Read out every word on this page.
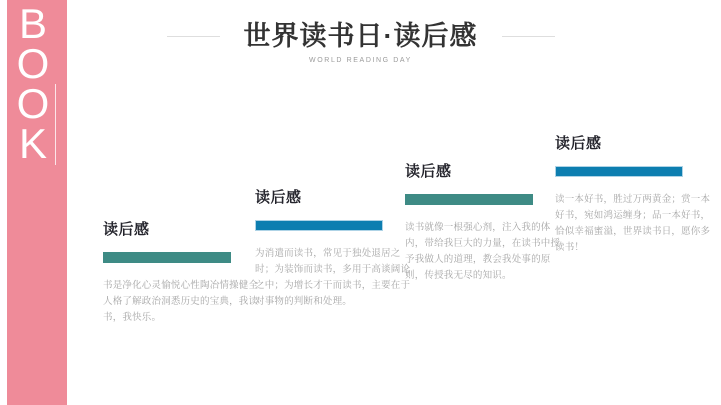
B
O
O
K
世界读书日·读后感
WORLD READING DAY
读后感

书是净化心灵愉悦心性陶冶情操健全人格了解政治洞悉历史的宝典，我读书，我快乐。

读后感

为消遣而读书，常见于独处退居之时；为装饰而读书，多用于高谈阔论之中；为增长才干而读书，主要在于对事物的判断和处理。

读后感

读书就像一根强心剂，注入我的体内，带给我巨大的力量，在读书中授予我做人的道理，教会我处事的原则，传授我无尽的知识。

读后感

读一本好书，胜过万两黄金；赏一本好书，宛如鸿运缠身；品一本好书，恰似幸福蜜溢，世界读书日，愿你多读书！
